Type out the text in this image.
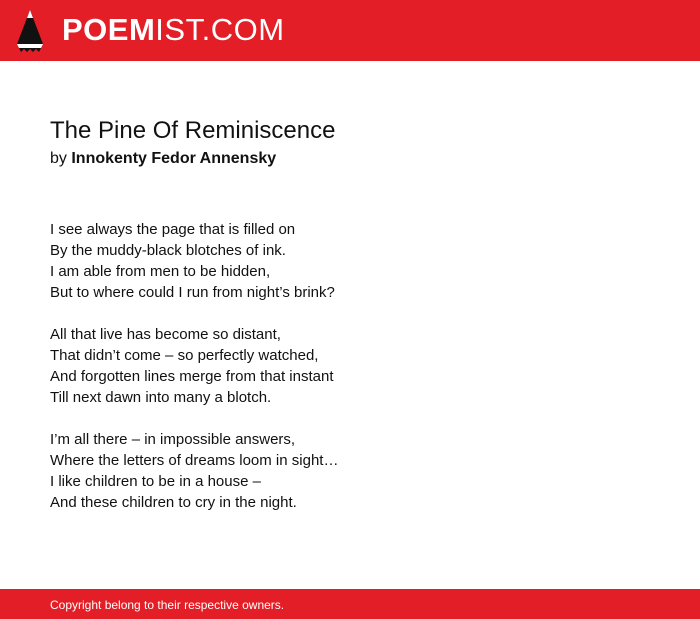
POEMIST.COM
The Pine Of Reminiscence
by Innokenty Fedor Annensky
I see always the page that is filled on
By the muddy-black blotches of ink.
I am able from men to be hidden,
But to where could I run from night’s brink?
All that live has become so distant,
That didn’t come – so perfectly watched,
And forgotten lines merge from that instant
Till next dawn into many a blotch.
I’m all there – in impossible answers,
Where the letters of dreams loom in sight…
I like children to be in a house –
And these children to cry in the night.
Copyright belong to their respective owners.
